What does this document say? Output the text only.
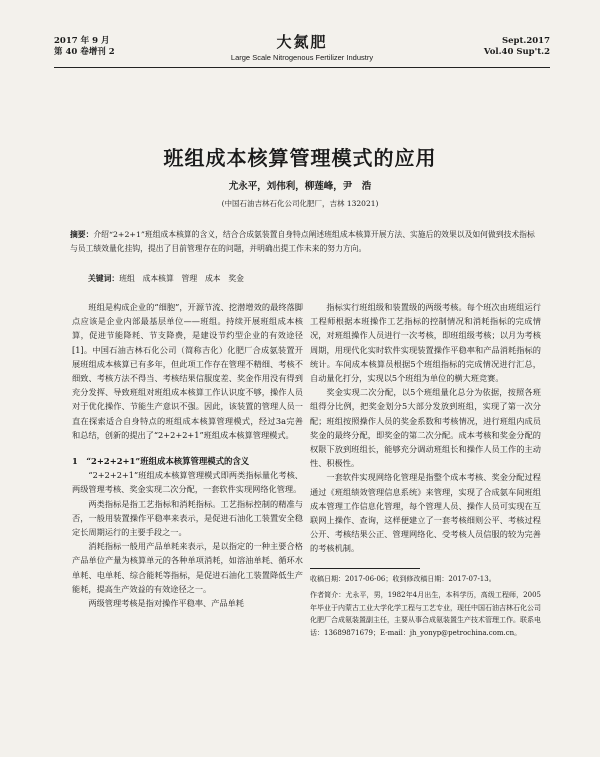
2017 年 9 月
第 40 卷增刊 2
大氮肥
Large Scale Nitrogenous Fertilizer Industry
Sept.2017
Vol.40 Sup't.2
班组成本核算管理模式的应用
尤永平，刘伟利，柳莲峰，尹　浩
(中国石油吉林石化公司化肥厂，吉林 132021)
摘要：介绍“2+2+1”班组成本核算的含义，结合合成氨装置自身特点阐述班组成本核算开展方法、实施后的效果以及如何做到技术指标与员工绩效量化挂钩，提出了目前管理存在的问题，并明确出提工作未来的努力方向。
关键词：班组　成本核算　管理　成本　奖金

班组是构成企业的“细胞”，开源节流、挖潜增效的最终落脚点应该是企业内部最基层单位——班组。持续开展班组成本核算，促进节能降耗、节支降费，是建设节约型企业的有效途径[1]。中国石油吉林石化公司（简称吉化）化肥厂合成氨装置开展班组成本核算已有多年，但此项工作存在管理不精细、考核不细致、考核方法不得当、考核结果信服度差、奖金作用没有得到充分发挥、导致班组对班组成本核算工作认识度不够，操作人员对于优化操作、节能生产意识不强。因此，该装置的管理人员一直在探索适合自身特点的班组成本核算管理模式，经过3a完善和总结，创新的提出了“2+2+2+1”班组成本核算管理模式。

1　“2+2+2+1”班组成本核算管理模式的含义

“2+2+2+1”班组成本核算管理模式即两类指标量化考核、两级管理考核、奖金实现二次分配，一套软件实现网络化管理。

两类指标是指工艺指标和消耗指标。工艺指标控制的精准与否，一般用装置操作平稳率来表示，是促进石油化工装置安全稳定长周期运行的主要手段之一。

消耗指标一般用产品单耗来表示，是以指定的一种主要合格产品单位产量为核算单元的各种单项消耗，如溶油单耗、循环水单耗、电单耗、综合能耗等指标，是促进石油化工装置降低生产能耗，提高生产效益的有效途径之一。

两级管理考核是指对操作平稳率、产品单耗

指标实行班组级和装置级的两级考核。每个班次由班组运行工程师根据本班操作工艺指标的控制情况和消耗指标的完成情况，对班组操作人员进行一次考核，即班组级考核；以月为考核周期，用现代化实时软件实现装置操作平稳率和产品消耗指标的统计。车间成本核算员根据5个班组指标的完成情况进行汇总，自动量化打分，实现以5个班组为单位的横大班竞赛。

奖金实现二次分配，以5个班组量化总分为依据，按照各班组得分比例，把奖金划分5大部分发放到班组，实现了第一次分配；班组按照操作人员的奖金系数和考核情况，进行班组内成员奖金的最终分配，即奖金的第二次分配。成本考核和奖金分配的权限下放到班组长，能够充分调动班组长和操作人员工作的主动性、积极性。

一套软件实现网络化管理是指整个成本考核、奖金分配过程通过《班组绩效管理信息系统》来管理，实现了合成氨车间班组成本管理工作信息化管理，每个管理人员、操作人员可实现在互联网上操作、查询，这样便建立了一套考核细则公平、考核过程公开、考核结果公正、管理网络化、受考核人员信服的较为完善的考核机制。

收稿日期：2017-06-06；收到修改稿日期：2017-07-13。

作者简介：尤永平，男，1982年4月出生，本科学历，高级工程师，2005年毕业于内蒙古工业大学化学工程与工艺专业，现任中国石油吉林石化公司化肥厂合成氨装置副主任，主要从事合成氨装置生产技术管理工作。联系电话：13689871679；E-mail：jh_yonyp@petrochina.com.cn。
